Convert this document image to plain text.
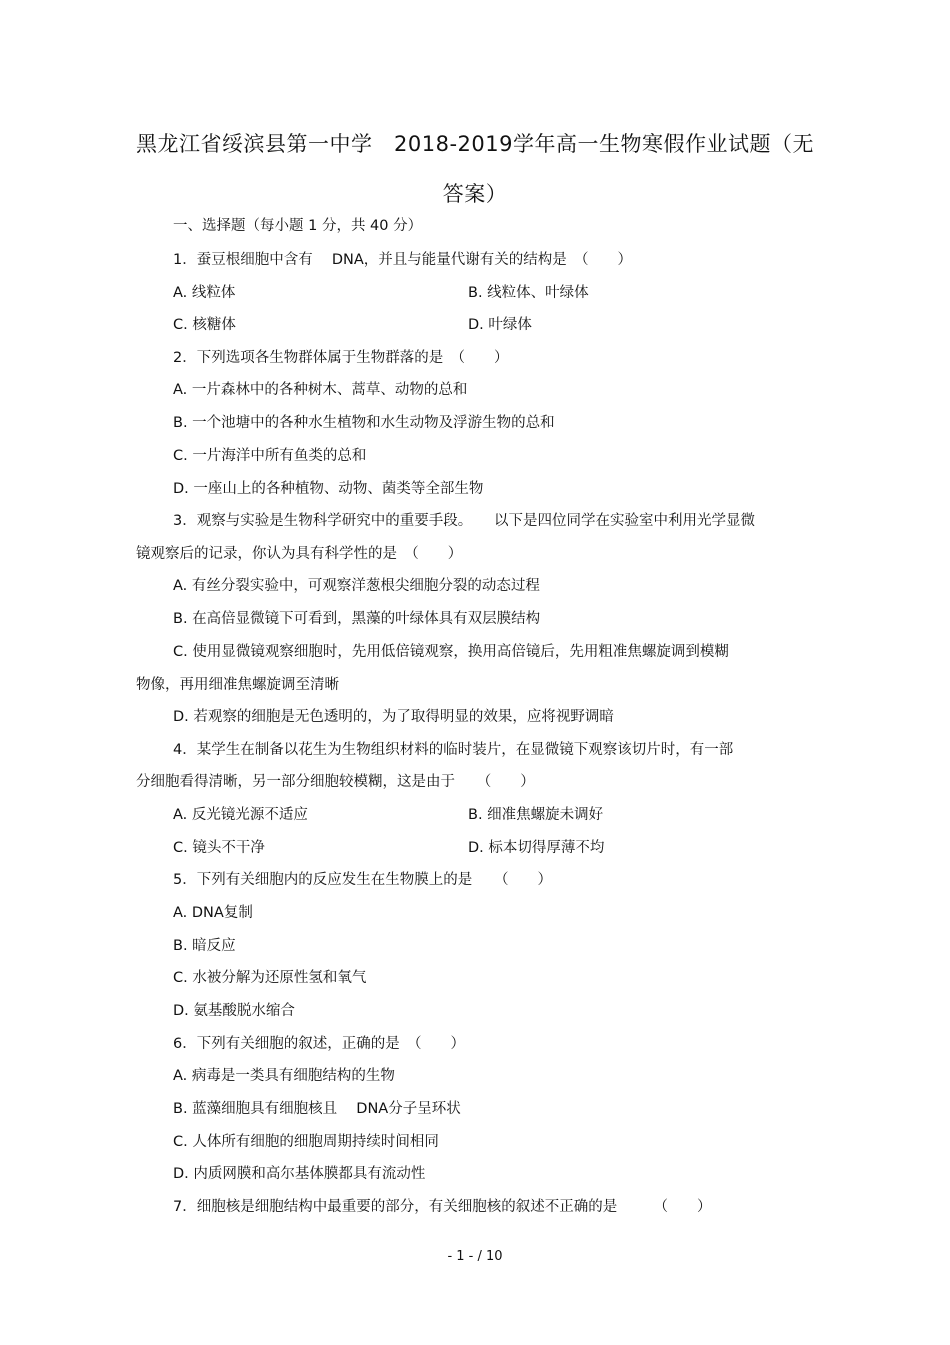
黑龙江省绥滨县第一中学　2018-2019学年高一生物寒假作业试题（无
答案）
一、选择题（每小题 1 分，共 40 分）
1．蚕豆根细胞中含有　 DNA，并且与能量代谢有关的结构是　（　　）
A. 线粒体	B. 线粒体、叶绿体
C. 核糖体	D. 叶绿体
2．下列选项各生物群体属于生物群落的是　（　　）
A. 一片森林中的各种树木、蒿草、动物的总和
B. 一个池塘中的各种水生植物和水生动物及浮游生物的总和
C. 一片海洋中所有鱼类的总和
D. 一座山上的各种植物、动物、菌类等全部生物
3．观察与实验是生物科学研究中的重要手段。　　以下是四位同学在实验室中利用光学显微
镜观察后的记录，你认为具有科学性的是　（　　）
A. 有丝分裂实验中，可观察洋葱根尖细胞分裂的动态过程
B. 在高倍显微镜下可看到，黑藻的叶绿体具有双层膜结构
C. 使用显微镜观察细胞时，先用低倍镜观察，换用高倍镜后，先用粗准焦螺旋调到模糊
物像，再用细准焦螺旋调至清晰
D. 若观察的细胞是无色透明的，为了取得明显的效果，应将视野调暗
4．某学生在制备以花生为生物组织材料的临时装片，在显微镜下观察该切片时，有一部
分细胞看得清晰，另一部分细胞较模糊，这是由于　　（　　）
A. 反光镜光源不适应	B. 细准焦螺旋未调好
C. 镜头不干净	D. 标本切得厚薄不均
5．下列有关细胞内的反应发生在生物膜上的是　　（　　）
A. DNA复制
B. 暗反应
C. 水被分解为还原性氢和氧气
D. 氨基酸脱水缩合
6．下列有关细胞的叙述，正确的是　（　　）
A. 病毒是一类具有细胞结构的生物
B. 蓝藻细胞具有细胞核且　 DNA分子呈环状
C. 人体所有细胞的细胞周期持续时间相同
D. 内质网膜和高尔基体膜都具有流动性
7．细胞核是细胞结构中最重要的部分，有关细胞核的叙述不正确的是　　　（　　）
- 1 - / 10
